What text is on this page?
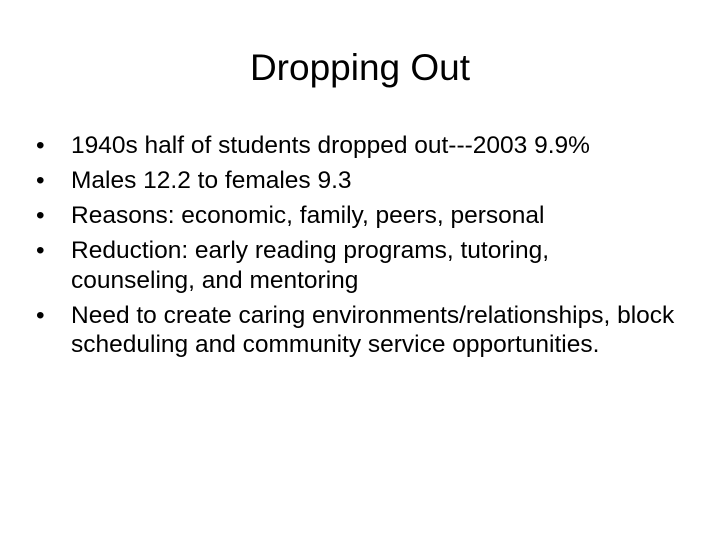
Dropping Out
•	1940s half of students dropped out---2003 9.9%
•	Males 12.2 to females 9.3
•	Reasons: economic, family, peers, personal
•	Reduction: early reading programs, tutoring, counseling, and mentoring
•	Need to create caring environments/relationships, block scheduling and community service opportunities.
